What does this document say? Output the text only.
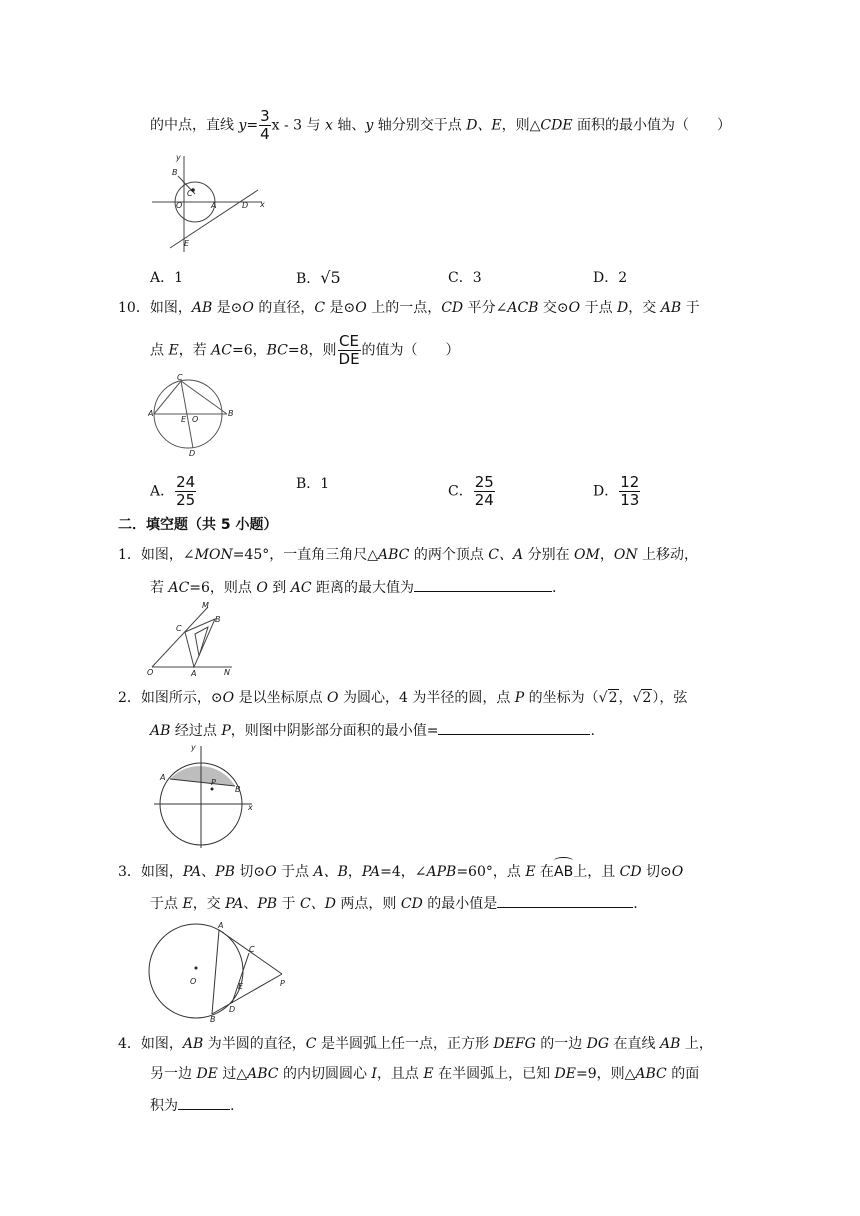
的中点，直线 $y= \frac{3}{4}$ x - 3 与 x 轴、y 轴分别交于点 D、E，则△CDE 面积的最小值为（　　）
y
x
B
C
O	A	D
E
A．1	B．√5	C．3	D．2
10．如图，AB 是⊙O 的直径，C 是⊙O 上的一点，CD 平分∠ACB 交⊙O 于点 D，交 AB 于
点 E，若 AC=6，BC=8，则 $\frac{CE}{DE}$ 的值为（　　）
C
A
E O
B
D
A． $\frac{24}{25}$	B．1	C． $\frac{25}{24}$	D． $\frac{12}{13}$
二．填空题（共 5 小题）
1．如图，∠MON=45°，一直角三角尺△ABC 的两个顶点 C、A 分别在 OM，ON 上移动，
若 AC=6，则点 O 到 AC 距离的最大值为	.
M
C
B
O	A	N
2．如图所示，⊙O 是以坐标原点 O 为圆心，4 为半径的圆，点 P 的坐标为（√2，√2），弦
AB 经过点 P，则图中阴影部分面积的最小值=	.
y
x
A
P
B
3．如图，PA、PB 切⊙O 于点 A、B，PA=4，∠APB=60°，点 E 在
AB上，且 CD 切⊙O
于点 E，交 PA、PB 于 C、D 两点，则 CD 的最小值是	.
A
C
O
E	P
D
B
4．如图，AB 为半圆的直径，C 是半圆弧上任一点，正方形 DEFG 的一边 DG 在直线 AB 上，
另一边 DE 过△ABC 的内切圆圆心 I，且点 E 在半圆弧上，已知 DE=9，则△ABC 的面
积为	.
